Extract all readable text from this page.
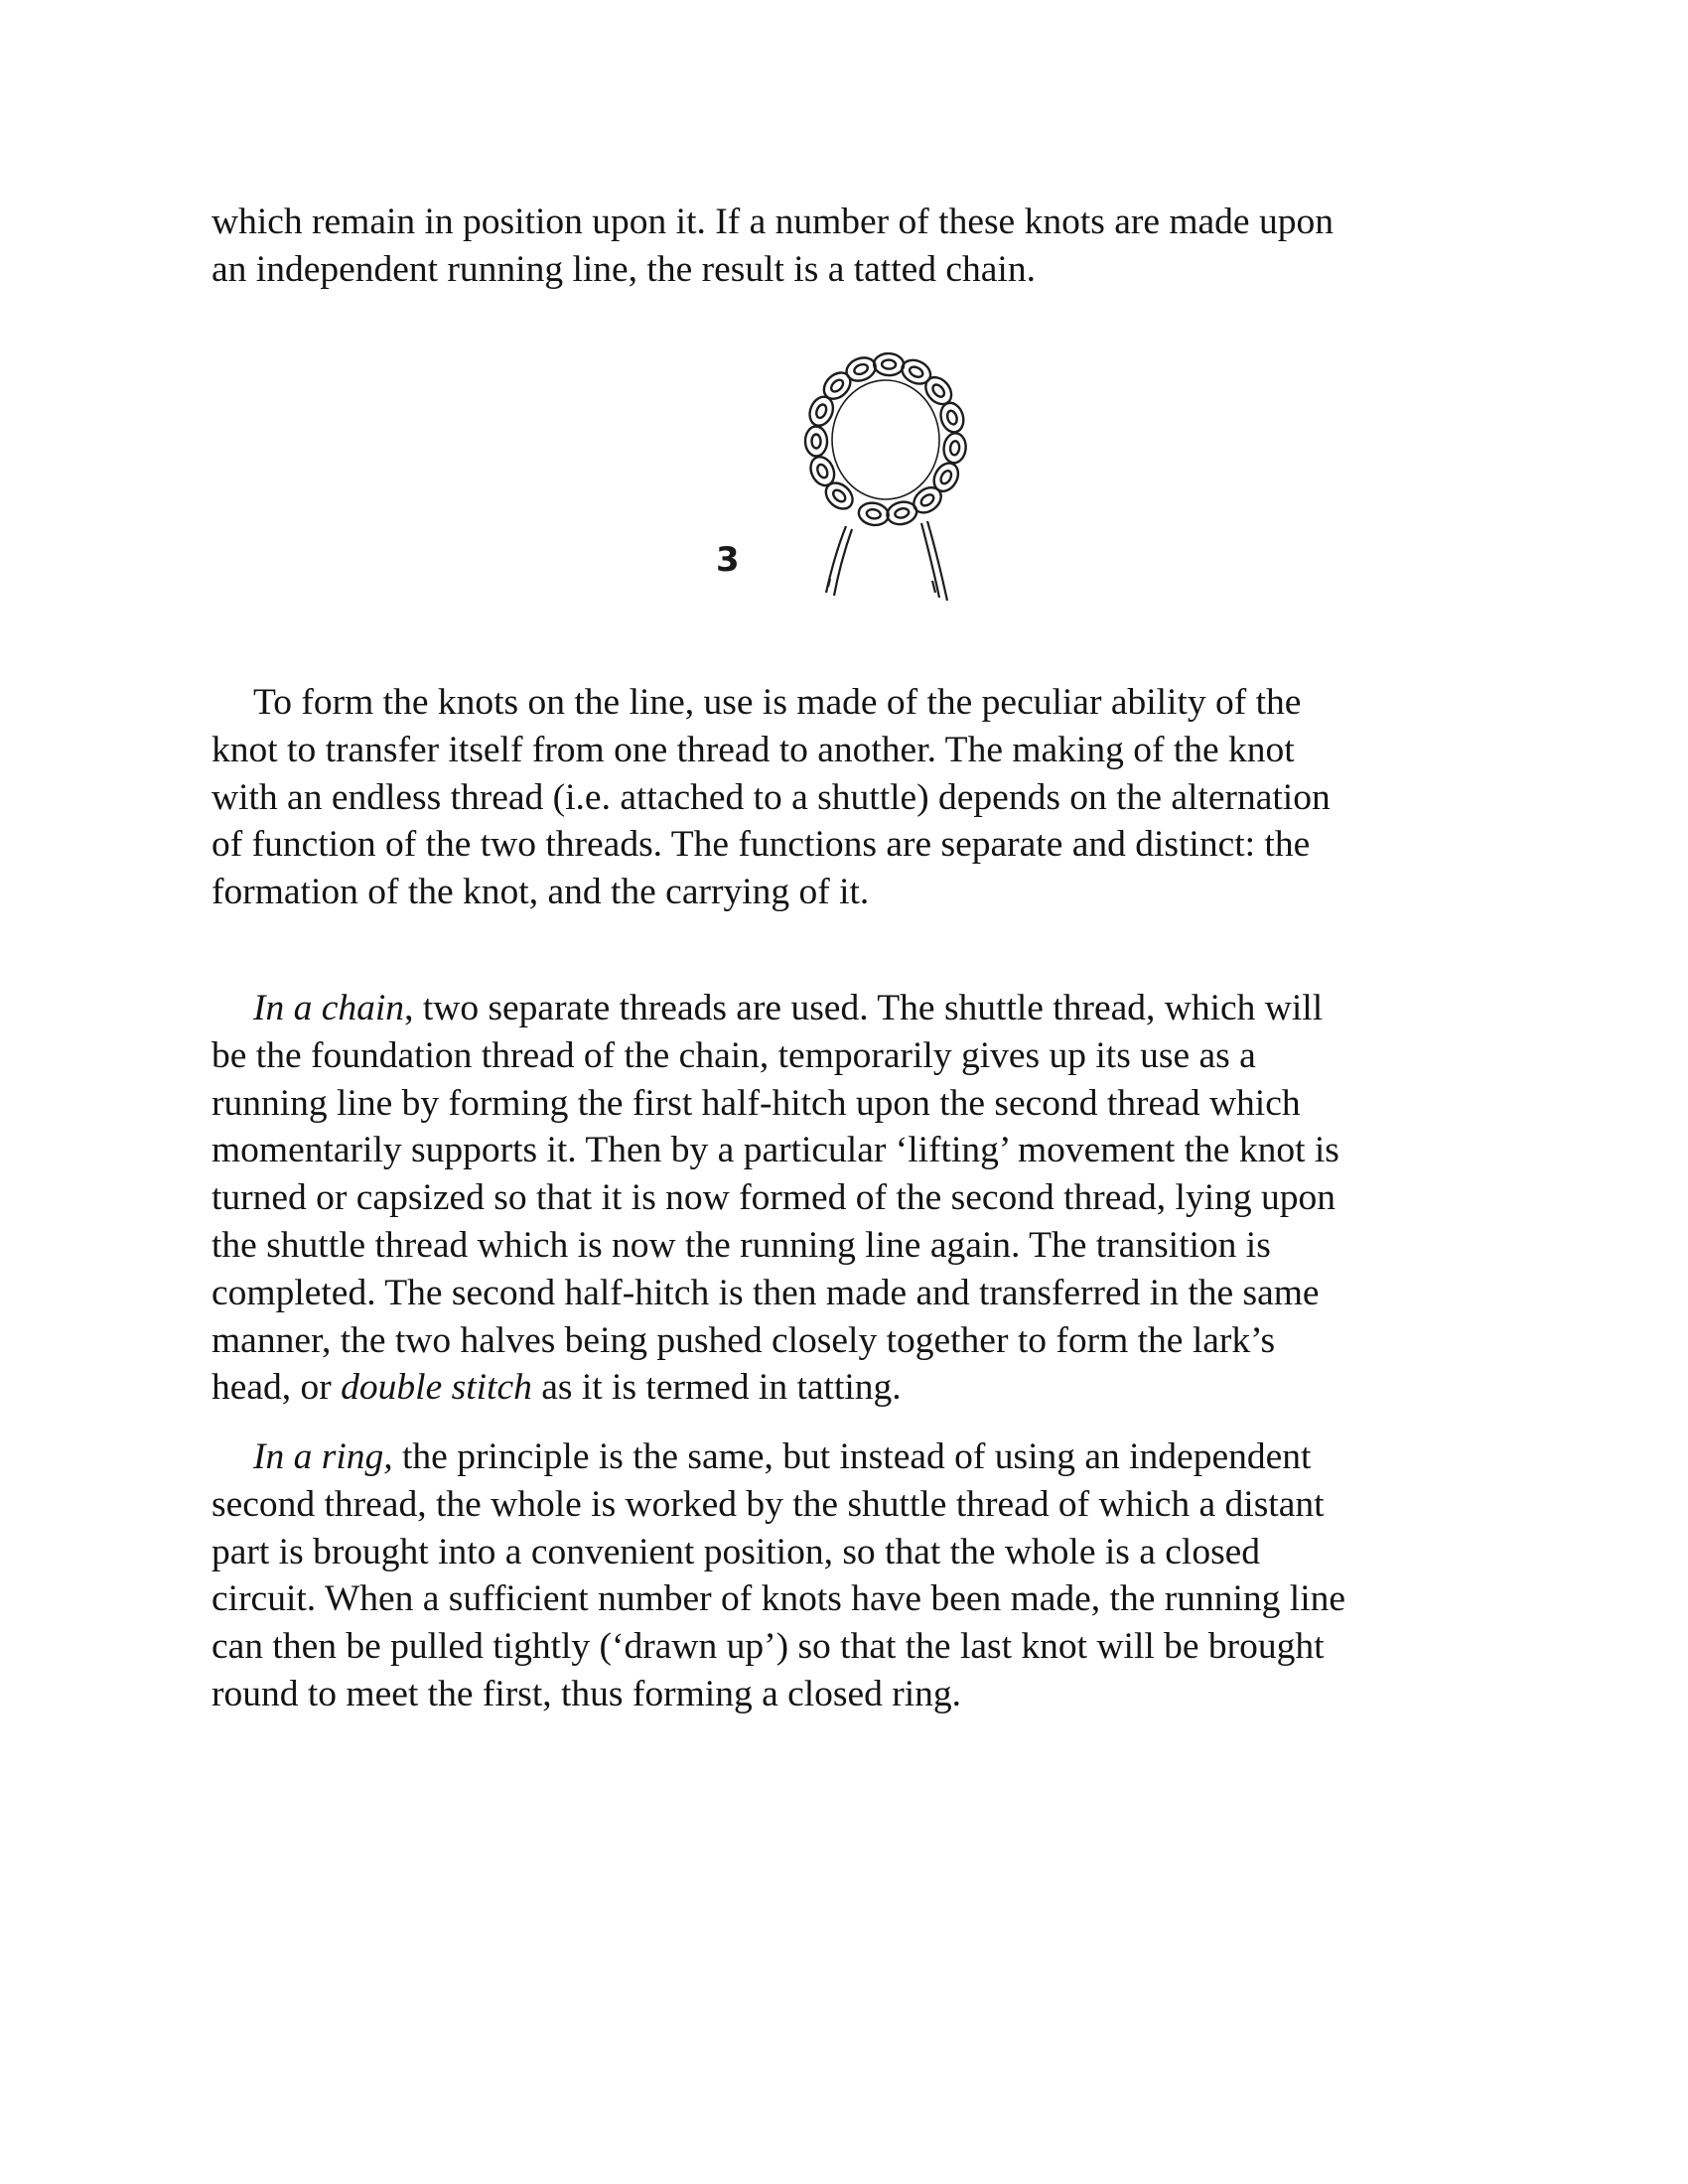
which remain in position upon it. If a number of these knots are made upon
an independent running line, the result is a tatted chain.

3

To form the knots on the line, use is made of the peculiar ability of the
knot to transfer itself from one thread to another. The making of the knot
with an endless thread (i.e. attached to a shuttle) depends on the alternation
of function of the two threads. The functions are separate and distinct: the
formation of the knot, and the carrying of it.

In a chain, two separate threads are used. The shuttle thread, which will
be the foundation thread of the chain, temporarily gives up its use as a
running line by forming the first half-hitch upon the second thread which
momentarily supports it. Then by a particular ‘lifting’ movement the knot is
turned or capsized so that it is now formed of the second thread, lying upon
the shuttle thread which is now the running line again. The transition is
completed. The second half-hitch is then made and transferred in the same
manner, the two halves being pushed closely together to form the lark’s
head, or double stitch as it is termed in tatting.

In a ring, the principle is the same, but instead of using an independent
second thread, the whole is worked by the shuttle thread of which a distant
part is brought into a convenient position, so that the whole is a closed
circuit. When a sufficient number of knots have been made, the running line
can then be pulled tightly (‘drawn up’) so that the last knot will be brought
round to meet the first, thus forming a closed ring.
